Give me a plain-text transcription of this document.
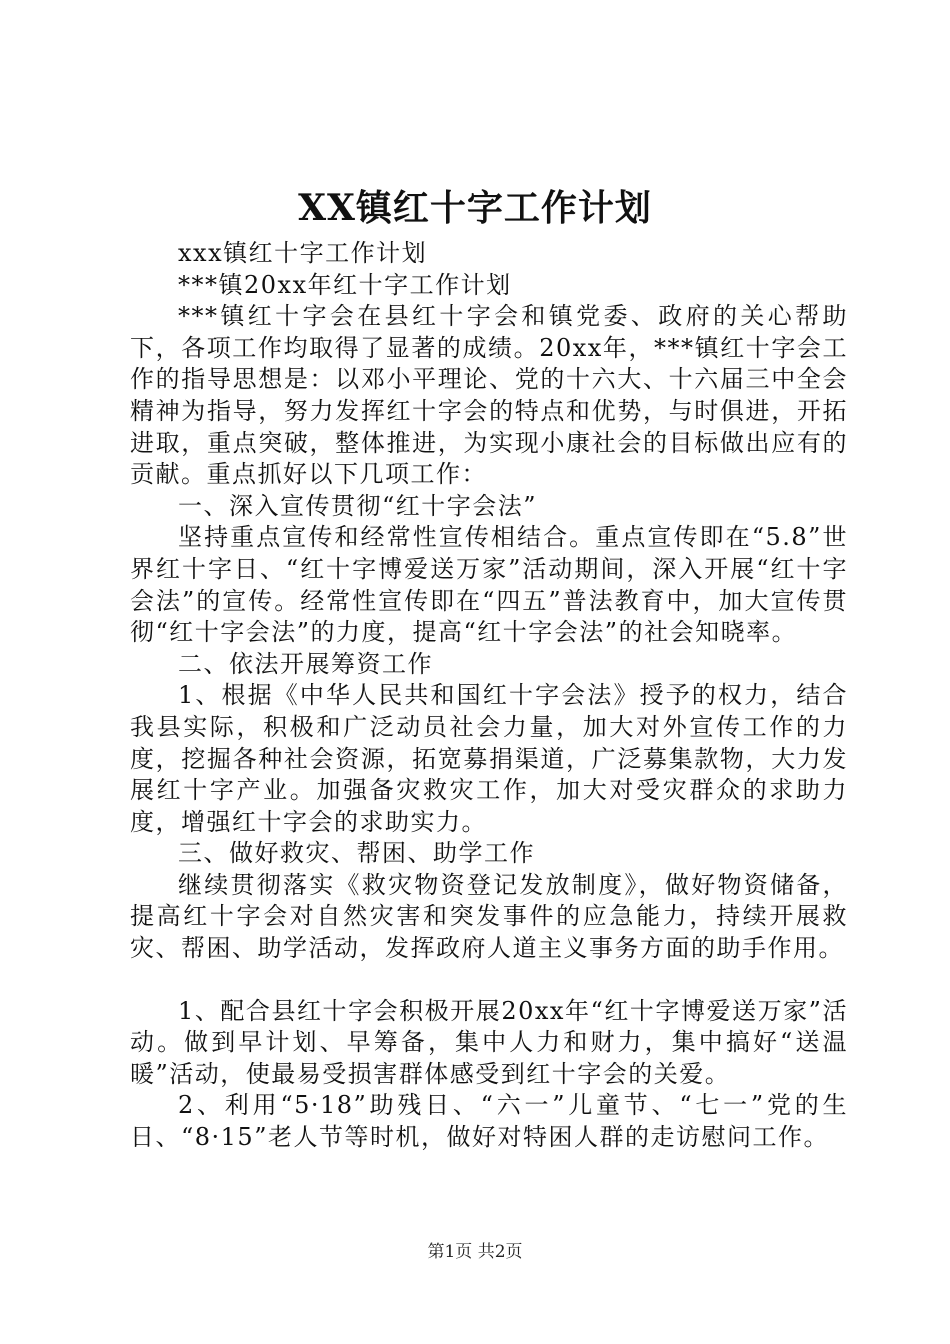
XX镇红十字工作计划

xxx镇红十字工作计划

***镇20xx年红十字工作计划

***镇红十字会在县红十字会和镇党委、政府的关心帮助下，各项工作均取得了显著的成绩。20xx年，***镇红十字会工作的指导思想是：以邓小平理论、党的十六大、十六届三中全会精神为指导，努力发挥红十字会的特点和优势，与时俱进，开拓进取，重点突破，整体推进，为实现小康社会的目标做出应有的贡献。重点抓好以下几项工作：

一、深入宣传贯彻“红十字会法”

坚持重点宣传和经常性宣传相结合。重点宣传即在“5.8”世界红十字日、“红十字博爱送万家”活动期间，深入开展“红十字会法”的宣传。经常性宣传即在“四五”普法教育中，加大宣传贯彻“红十字会法”的力度，提高“红十字会法”的社会知晓率。

二、依法开展筹资工作

1、根据《中华人民共和国红十字会法》授予的权力，结合我县实际，积极和广泛动员社会力量，加大对外宣传工作的力度，挖掘各种社会资源，拓宽募捐渠道，广泛募集款物，大力发展红十字产业。加强备灾救灾工作，加大对受灾群众的求助力度，增强红十字会的求助实力。

三、做好救灾、帮困、助学工作

继续贯彻落实《救灾物资登记发放制度》，做好物资储备，提高红十字会对自然灾害和突发事件的应急能力，持续开展救灾、帮困、助学活动，发挥政府人道主义事务方面的助手作用。

1、配合县红十字会积极开展20xx年“红十字博爱送万家”活动。做到早计划、早筹备，集中人力和财力，集中搞好“送温暖”活动，使最易受损害群体感受到红十字会的关爱。

2、利用“5·18”助残日、“六一”儿童节、“七一”党的生日、“8·15”老人节等时机，做好对特困人群的走访慰问工作。

第1页 共2页
